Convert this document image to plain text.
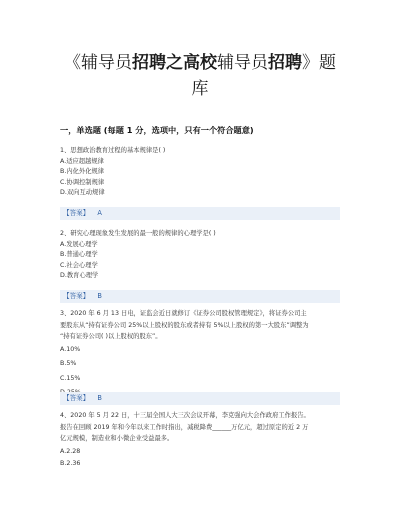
《辅导员招聘之高校辅导员招聘》题
库
一，单选题 (每题 1 分，选项中，只有一个符合题意)
1、思想政治教育过程的基本规律是( )
A.适应超越规律
B.内化外化规律
C.协调控制规律
D.双向互动规律
【答案】 A
2、研究心理现象发生发展的最一般的规律的心理学是( )
A.发展心理学
B.普通心理学
C.社会心理学
D.教育心理学
【答案】 B
3、2020 年 6 月 13 日电，证监会近日就修订《证券公司股权管理规定》，将证券公司主
要股东从“持有证券公司 25%以上股权的股东或者持有 5%以上股权的第一大股东”调整为
“持有证券公司( )以上股权的股东”。
A.10%
B.5%
C.15%
【答案】 B
4、2020 年 5 月 22 日，十三届全国人大三次会议开幕，李克强向大会作政府工作报告。
报告在回顾 2019 年和今年以来工作时指出，减税降费______万亿元，超过原定的近 2 万
亿元规模，制造业和小微企业受益最多。
A.2.28
B.2.36
